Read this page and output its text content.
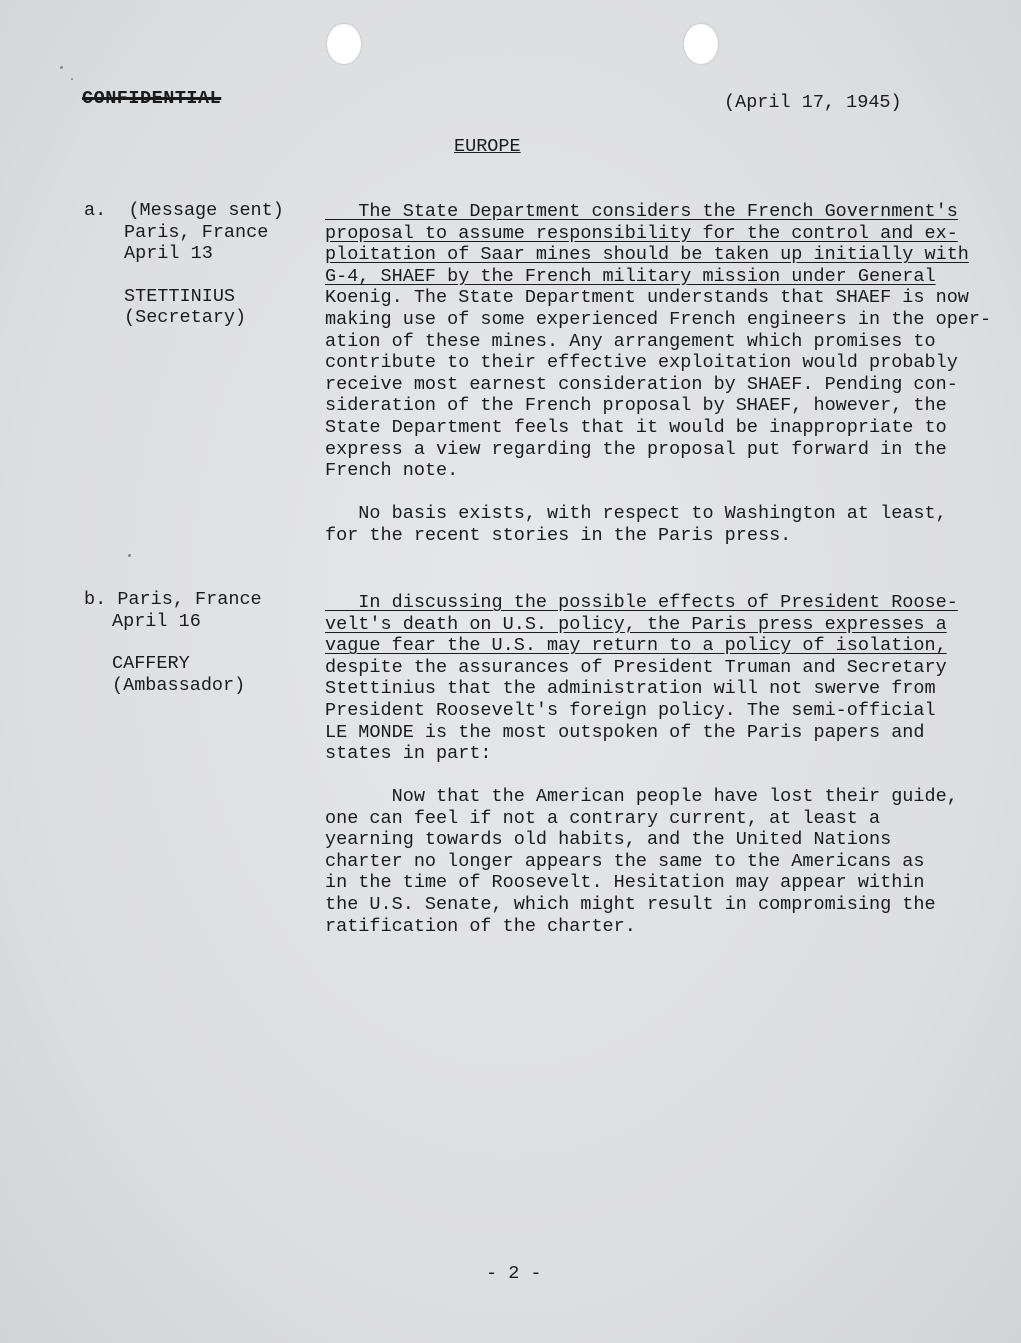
CONFIDENTIAL	(April 17, 1945)
EUROPE
a. (Message sent)
Paris, France
April 13
STETTINIUS
(Secretary)
The State Department considers the French Government's
proposal to assume responsibility for the control and ex-
ploitation of Saar mines should be taken up initially with
G-4, SHAEF by the French military mission under General
Koenig. The State Department understands that SHAEF is now
making use of some experienced French engineers in the oper-
ation of these mines. Any arrangement which promises to
contribute to their effective exploitation would probably
receive most earnest consideration by SHAEF. Pending con-
sideration of the French proposal by SHAEF, however, the
State Department feels that it would be inappropriate to
express a view regarding the proposal put forward in the
French note.
No basis exists, with respect to Washington at least,
for the recent stories in the Paris press.
b. Paris, France
April 16
CAFFERY
(Ambassador)
In discussing the possible effects of President Roose-
velt's death on U.S. policy, the Paris press expresses a
vague fear the U.S. may return to a policy of isolation,
despite the assurances of President Truman and Secretary
Stettinius that the administration will not swerve from
President Roosevelt's foreign policy. The semi-official
LE MONDE is the most outspoken of the Paris papers and
states in part:
Now that the American people have lost their guide,
one can feel if not a contrary current, at least a
yearning towards old habits, and the United Nations
charter no longer appears the same to the Americans as
in the time of Roosevelt. Hesitation may appear within
the U.S. Senate, which might result in compromising the
ratification of the charter.
- 2 -
